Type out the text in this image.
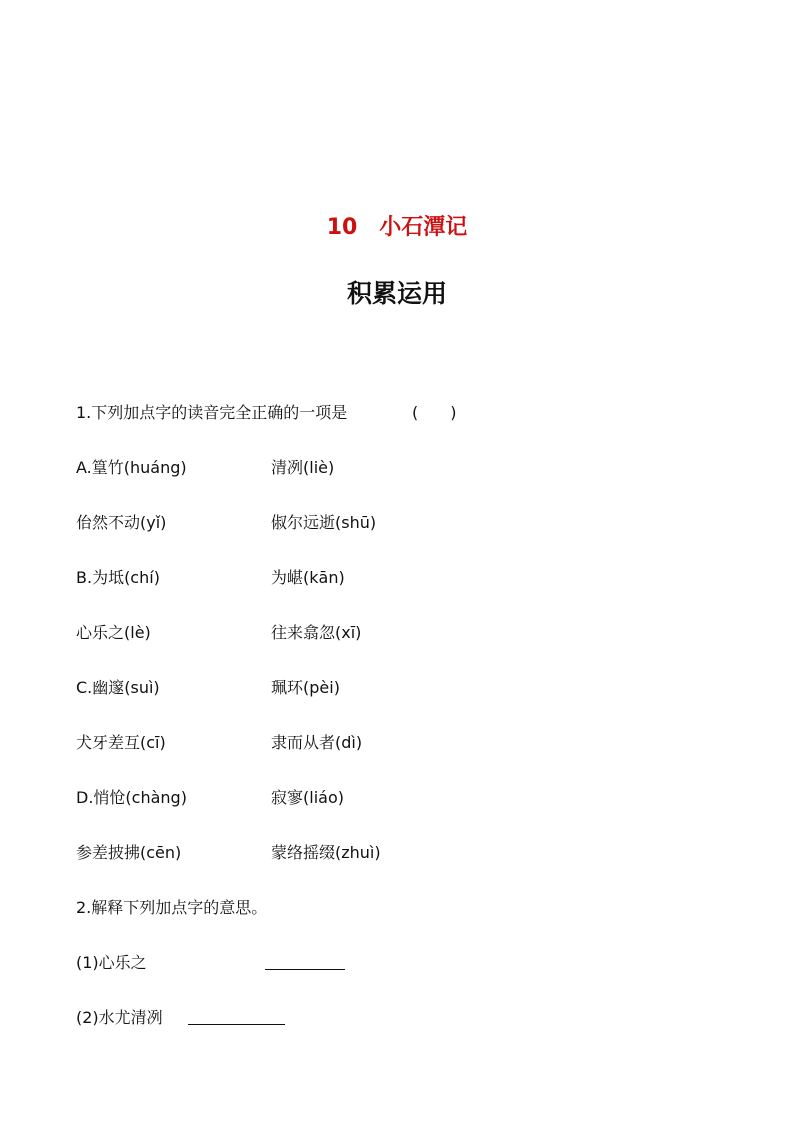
10　小石潭记
积累运用
1.下列加点字的读音完全正确的一项是	(　　)
A.篁竹(huáng)	清冽(liè)
佁然不动(yǐ)	俶尔远逝(shū)
B.为坻(chí)	为嵁(kān)
心乐之(lè)	往来翕忽(xī)
C.幽邃(suì)	珮环(pèi)
犬牙差互(cī)	隶而从者(dì)
D.悄怆(chàng)	寂寥(liáo)
参差披拂(cēn)	蒙络摇缀(zhuì)
2.解释下列加点字的意思。
(1)心乐之
(2)水尤清冽
